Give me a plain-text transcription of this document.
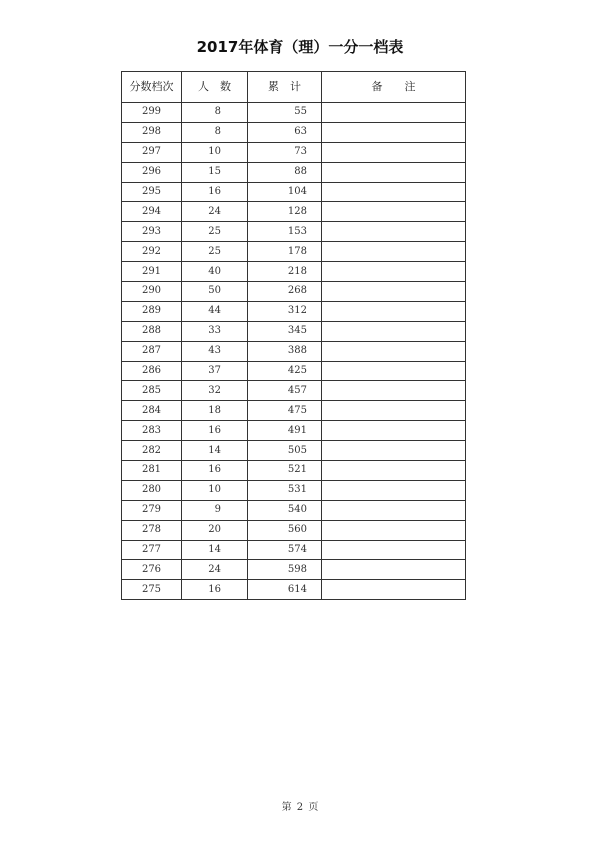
2017年体育（理）一分一档表
分数档次	人　数	累　计	备　　注
299	8	55	
298	8	63	
297	10	73	
296	15	88	
295	16	104	
294	24	128	
293	25	153	
292	25	178	
291	40	218	
290	50	268	
289	44	312	
288	33	345	
287	43	388	
286	37	425	
285	32	457	
284	18	475	
283	16	491	
282	14	505	
281	16	521	
280	10	531	
279	9	540	
278	20	560	
277	14	574	
276	24	598	
275	16	614	
第 2 页
